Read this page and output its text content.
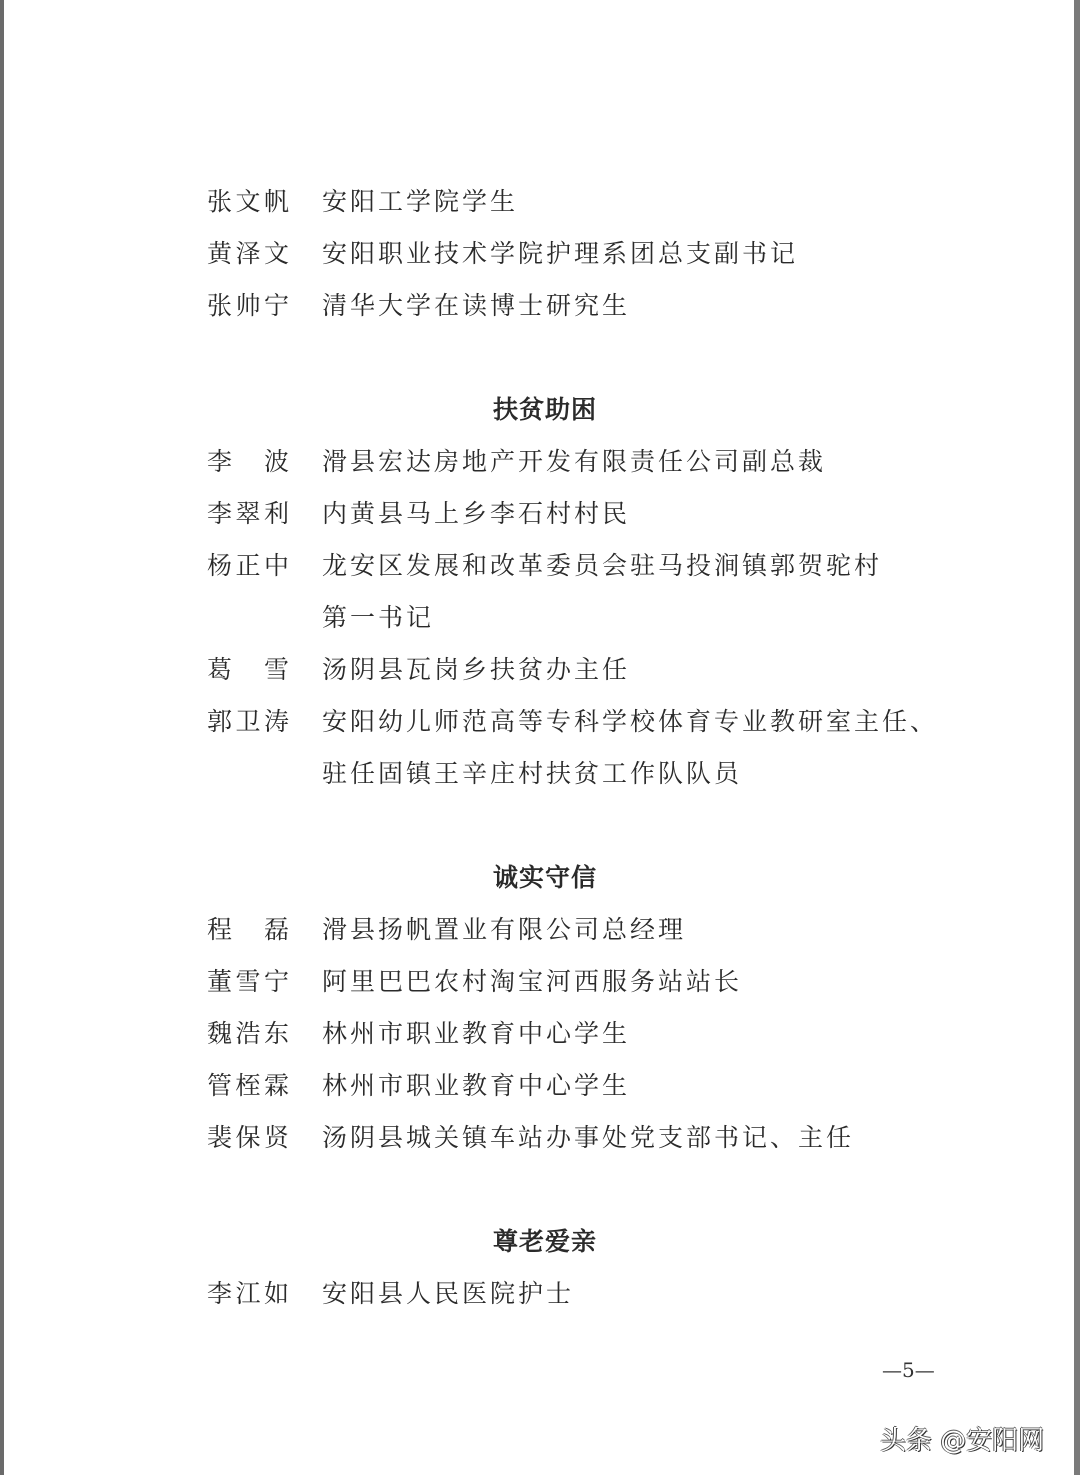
张文帆 安阳工学院学生
黄泽文 安阳职业技术学院护理系团总支副书记
张帅宁 清华大学在读博士研究生
扶贫助困
李波 滑县宏达房地产开发有限责任公司副总裁
李翠利 内黄县马上乡李石村村民
杨正中 龙安区发展和改革委员会驻马投涧镇郭贺驼村
第一书记
葛雪 汤阴县瓦岗乡扶贫办主任
郭卫涛 安阳幼儿师范高等专科学校体育专业教研室主任、
驻任固镇王辛庄村扶贫工作队队员
诚实守信
程磊 滑县扬帆置业有限公司总经理
董雪宁 阿里巴巴农村淘宝河西服务站站长
魏浩东 林州市职业教育中心学生
管桎霖 林州市职业教育中心学生
裴保贤 汤阴县城关镇车站办事处党支部书记、主任
尊老爱亲
李江如 安阳县人民医院护士
—5—
头条 @安阳网
